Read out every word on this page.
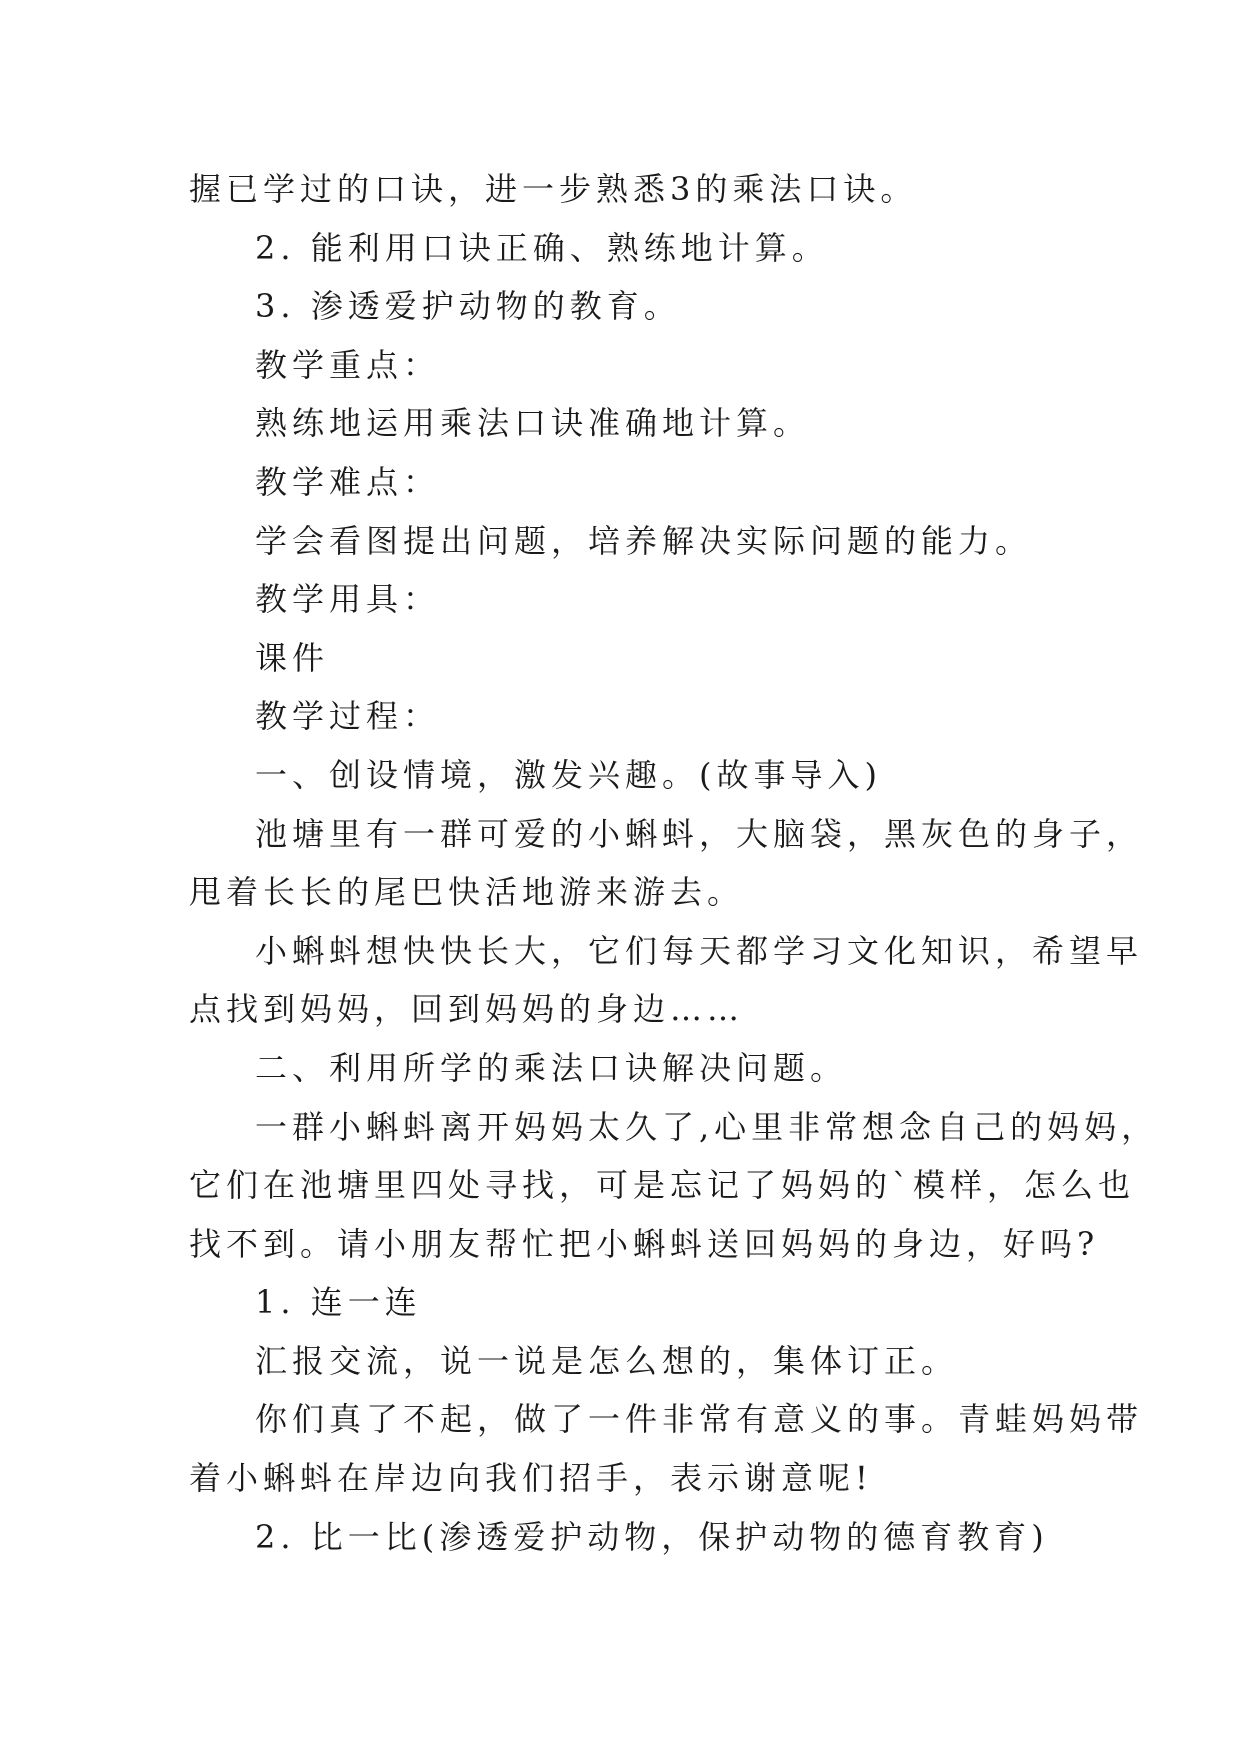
握已学过的口诀，进一步熟悉3的乘法口诀。
2. 能利用口诀正确、熟练地计算。
3. 渗透爱护动物的教育。
教学重点：
熟练地运用乘法口诀准确地计算。
教学难点：
学会看图提出问题，培养解决实际问题的能力。
教学用具：
课件
教学过程：
一、创设情境，激发兴趣。(故事导入)
池塘里有一群可爱的小蝌蚪，大脑袋，黑灰色的身子，
甩着长长的尾巴快活地游来游去。
小蝌蚪想快快长大，它们每天都学习文化知识，希望早
点找到妈妈，回到妈妈的身边……
二、利用所学的乘法口诀解决问题。
一群小蝌蚪离开妈妈太久了,心里非常想念自己的妈妈，
它们在池塘里四处寻找，可是忘记了妈妈的`模样，怎么也
找不到。请小朋友帮忙把小蝌蚪送回妈妈的身边，好吗?
1. 连一连
汇报交流，说一说是怎么想的，集体订正。
你们真了不起，做了一件非常有意义的事。青蛙妈妈带
着小蝌蚪在岸边向我们招手，表示谢意呢!
2. 比一比(渗透爱护动物，保护动物的德育教育)
